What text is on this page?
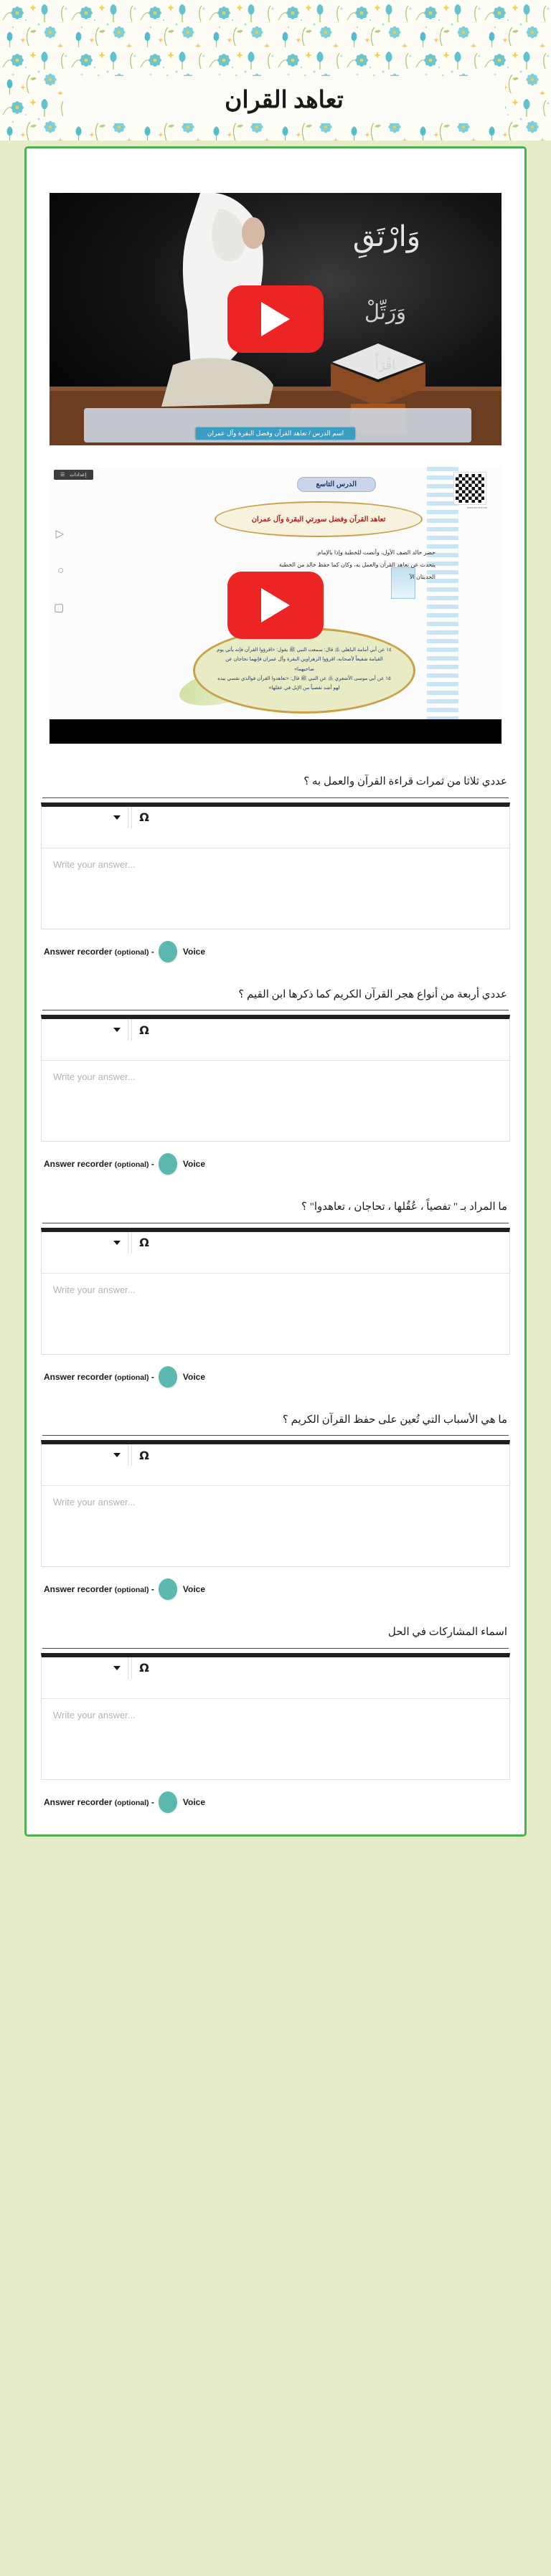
تعاهد القران
وَارْتَقِ
وَرَتِّلْ
اقْرَأْ
اسم الدرس / تعاهد القرآن وفضل البقرة وآل عمران
www.ien.edu.sa
الدرس التاسع
تعاهد القرآن وفضل سورتي البقرة وآل عمران
حضر خالد الصف الأول، وأنصت للخطبة وإذا بالإمام
يتحدث عن تعاهد القرآن والعمل به، وكان كما حفظ خالد من الخطبة
الحديثان الآ
١٤ عن أبي أمامة الباهلي ﵁ قال: سمعت النبي ﷺ يقول: «اقرؤوا القرآن فإنه يأتي يوم القيامة شفيعاً لأصحابه، اقرؤوا الزهراوين البقرة وآل عمران فإنهما تحاجان عن صاحبهما»
١٥ عن أبي موسى الأشعري ﵁ عن النبي ﷺ قال: «تعاهدوا القرآن فوالذي نفسي بيده لهو أشد تفصياً من الإبل في عقلها»
إعدادات
☰
▷
○
▢
عددي ثلاثا من ثمرات قراءة القرآن والعمل به ؟
Ω
Write your answer...
Answer recorder (optional) -	Voice
عددي أربعة من أنواع هجر القرآن الكريم كما ذكرها ابن القيم ؟
Ω
Write your answer...
Answer recorder (optional) -	Voice
ما المراد بـ " تفصياً ، عُقُلها ، تحاجان ، تعاهدوا" ؟
Ω
Write your answer...
Answer recorder (optional) -	Voice
ما هي الأسباب التي تُعين على حفظ القرآن الكريم ؟
Ω
Write your answer...
Answer recorder (optional) -	Voice
اسماء المشاركات في الحل
Ω
Write your answer...
Answer recorder (optional) -	Voice
